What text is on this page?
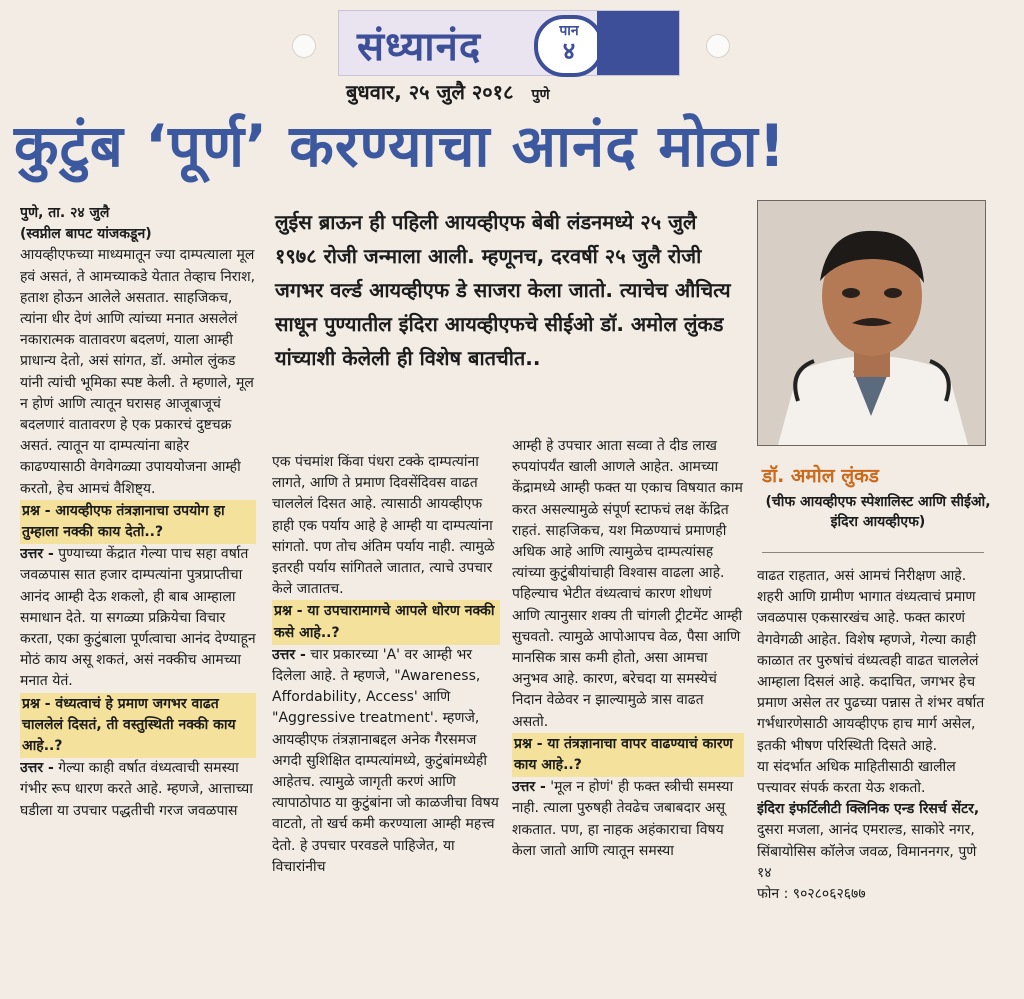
संध्यानंद	पान
४
बुधवार, २५ जुलै २०१८ पुणे
कुटुंब ‘पूर्ण’ करण्याचा आनंद मोठा!
लुईस ब्राऊन ही पहिली आयव्हीएफ बेबी लंडनमध्ये २५ जुलै १९७८ रोजी जन्माला आली. म्हणूनच, दरवर्षी २५ जुलै रोजी जगभर वर्ल्ड आयव्हीएफ डे साजरा केला जातो. त्याचेच औचित्य साधून पुण्यातील इंदिरा आयव्हीएफचे सीईओ डॉ. अमोल लुंकड यांच्याशी केलेली ही विशेष बातचीत..
डॉ. अमोल लुंकड
(चीफ आयव्हीएफ स्पेशालिस्ट आणि सीईओ, इंदिरा आयव्हीएफ)

पुणे, ता. २४ जुलै

(स्वप्नील बापट यांजकडून)

आयव्हीएफच्या माध्यमातून ज्या दाम्पत्याला मूल हवं असतं, ते आमच्याकडे येतात तेव्हाच निराश, हताश होऊन आलेले असतात. साहजिकच, त्यांना धीर देणं आणि त्यांच्या मनात असलेलं नकारात्मक वातावरण बदलणं, याला आम्ही प्राधान्य देतो, असं सांगत, डॉ. अमोल लुंकड यांनी त्यांची भूमिका स्पष्ट केली. ते म्हणाले, मूल न होणं आणि त्यातून घरासह आजूबाजूचं बदलणारं वातावरण हे एक प्रकारचं दुष्टचक्र असतं. त्यातून या दाम्पत्यांना बाहेर काढण्यासाठी वेगवेगळ्या उपाययोजना आम्ही करतो, हेच आमचं वैशिष्ट्य.

प्रश्न - आयव्हीएफ तंत्रज्ञानाचा उपयोग हा तुम्हाला नक्की काय देतो..?

उत्तर - पुण्याच्या केंद्रात गेल्या पाच सहा वर्षात जवळपास सात हजार दाम्पत्यांना पुत्रप्राप्तीचा आनंद आम्ही देऊ शकलो, ही बाब आम्हाला समाधान देते. या सगळ्या प्रक्रियेचा विचार करता, एका कुटुंबाला पूर्णत्वाचा आनंद देण्याहून मोठं काय असू शकतं, असं नक्कीच आमच्या मनात येतं.

प्रश्न - वंध्यत्वाचं हे प्रमाण जगभर वाढत चाललेलं दिसतं, ती वस्तुस्थिती नक्की काय आहे..?

उत्तर - गेल्या काही वर्षात वंध्यत्वाची समस्या गंभीर रूप धारण करते आहे. म्हणजे, आत्ताच्या घडीला या उपचार पद्धतीची गरज जवळपास

एक पंचमांश किंवा पंधरा टक्के दाम्पत्यांना लागते, आणि ते प्रमाण दिवसेंदिवस वाढत चाललेलं दिसत आहे. त्यासाठी आयव्हीएफ हाही एक पर्याय आहे हे आम्ही या दाम्पत्यांना सांगतो. पण तोच अंतिम पर्याय नाही. त्यामुळे इतरही पर्याय सांगितले जातात, त्याचे उपचार केले जातातच.

प्रश्न - या उपचारामागचे आपले धोरण नक्की कसे आहे..?

उत्तर - चार प्रकारच्या 'A' वर आम्ही भर दिलेला आहे. ते म्हणजे, "Awareness, Affordability, Access' आणि "Aggressive treatment'. म्हणजे, आयव्हीएफ तंत्रज्ञानाबद्दल अनेक गैरसमज अगदी सुशिक्षित दाम्पत्यांमध्ये, कुटुंबांमध्येही आहेतच. त्यामुळे जागृती करणं आणि त्यापाठोपाठ या कुटुंबांना जो काळजीचा विषय वाटतो, तो खर्च कमी करण्याला आम्ही महत्त्व देतो. हे उपचार परवडले पाहिजेत, या विचारांनीच

आम्ही हे उपचार आता सव्वा ते दीड लाख रुपयांपर्यंत खाली आणले आहेत. आमच्या केंद्रामध्ये आम्ही फक्त या एकाच विषयात काम करत असल्यामुळे संपूर्ण स्टाफचं लक्ष केंद्रित राहतं. साहजिकच, यश मिळण्याचं प्रमाणही अधिक आहे आणि त्यामुळेच दाम्पत्यांसह त्यांच्या कुटुंबीयांचाही विश्वास वाढला आहे. पहिल्याच भेटीत वंध्यत्वाचं कारण शोधणं आणि त्यानुसार शक्य ती चांगली ट्रीटमेंट आम्ही सुचवतो. त्यामुळे आपोआपच वेळ, पैसा आणि मानसिक त्रास कमी होतो, असा आमचा अनुभव आहे. कारण, बरेचदा या समस्येचं निदान वेळेवर न झाल्यामुळे त्रास वाढत असतो.

प्रश्न - या तंत्रज्ञानाचा वापर वाढण्याचं कारण काय आहे..?

उत्तर - 'मूल न होणं' ही फक्त स्त्रीची समस्या नाही. त्याला पुरुषही तेवढेच जबाबदार असू शकतात. पण, हा नाहक अहंकाराचा विषय केला जातो आणि त्यातून समस्या

वाढत राहतात, असं आमचं निरीक्षण आहे. शहरी आणि ग्रामीण भागात वंध्यत्वाचं प्रमाण जवळपास एकसारखंच आहे. फक्त कारणं वेगवेगळी आहेत. विशेष म्हणजे, गेल्या काही काळात तर पुरुषांचं वंध्यत्वही वाढत चाललेलं आम्हाला दिसलं आहे. कदाचित, जगभर हेच प्रमाण असेल तर पुढच्या पन्नास ते शंभर वर्षात गर्भधारणेसाठी आयव्हीएफ हाच मार्ग असेल, इतकी भीषण परिस्थिती दिसते आहे.

या संदर्भात अधिक माहितीसाठी खालील पत्त्यावर संपर्क करता येऊ शकतो.

इंदिरा इंफर्टिलीटी क्लिनिक एन्ड रिसर्च सेंटर, दुसरा मजला, आनंद एमराल्ड, साकोरे नगर, सिंबायोसिस कॉलेज जवळ, विमाननगर, पुणे १४

फोन : ९०२८०६२६७७
